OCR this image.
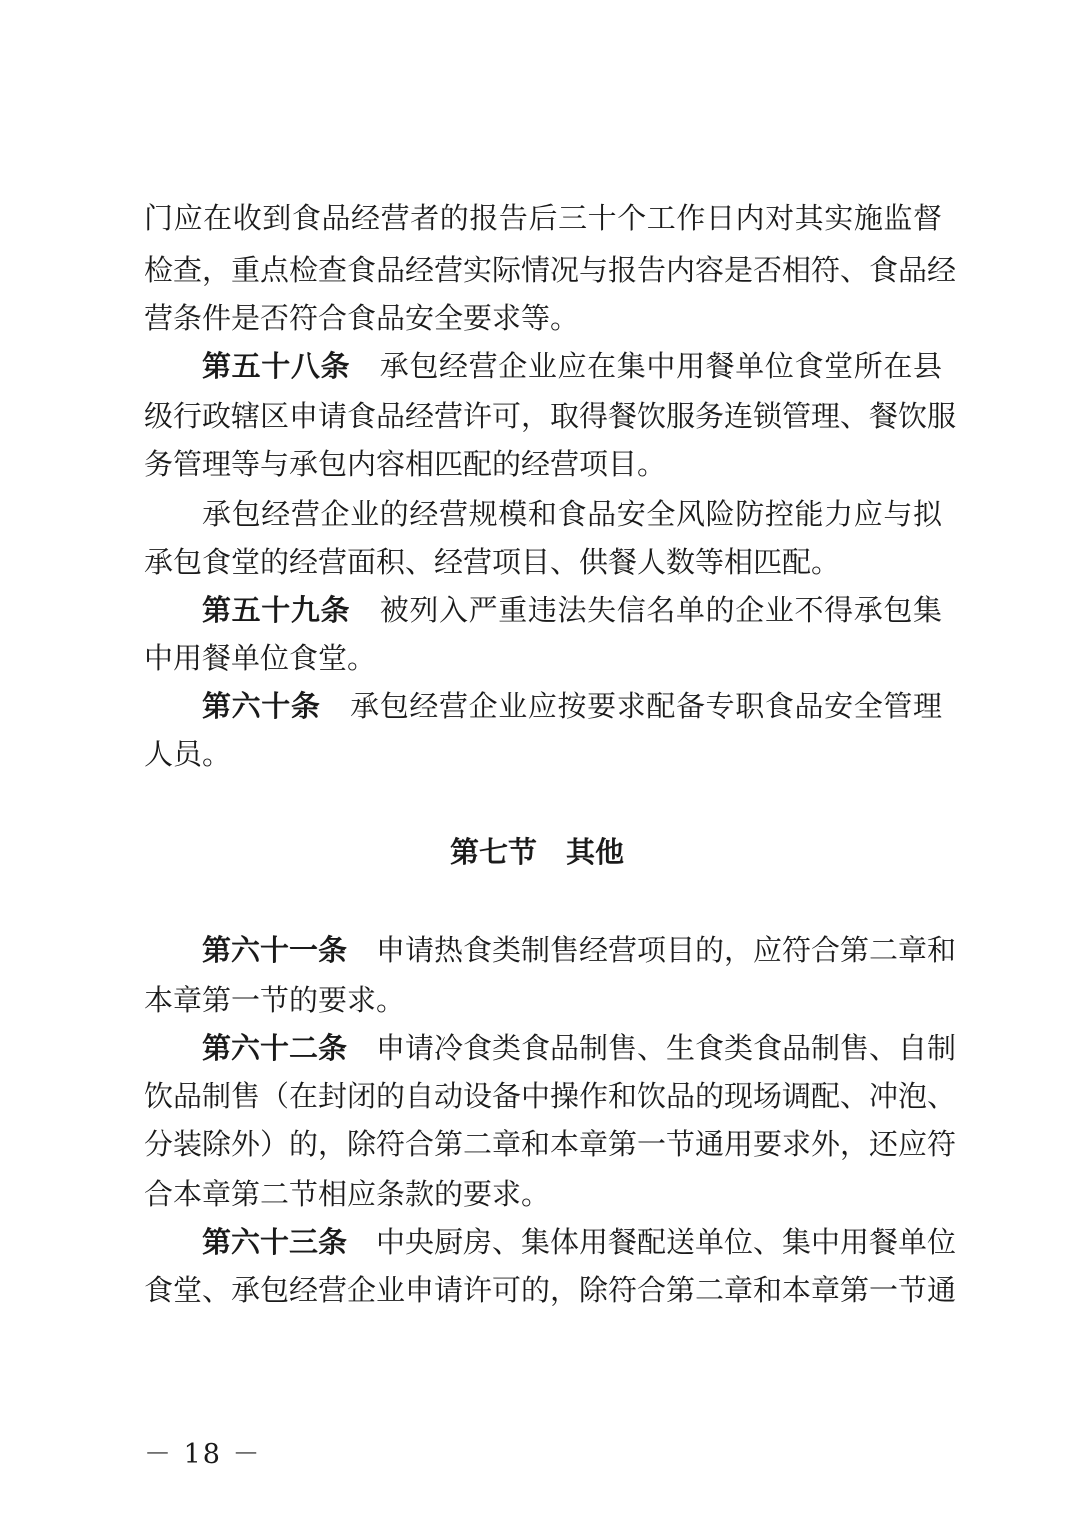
门应在收到食品经营者的报告后三十个工作日内对其实施监督
检查，重点检查食品经营实际情况与报告内容是否相符、食品经
营条件是否符合食品安全要求等。
第五十八条 承包经营企业应在集中用餐单位食堂所在县
级行政辖区申请食品经营许可，取得餐饮服务连锁管理、餐饮服
务管理等与承包内容相匹配的经营项目。
承包经营企业的经营规模和食品安全风险防控能力应与拟
承包食堂的经营面积、经营项目、供餐人数等相匹配。
第五十九条 被列入严重违法失信名单的企业不得承包集
中用餐单位食堂。
第六十条 承包经营企业应按要求配备专职食品安全管理
人员。
第七节　其他
第六十一条 申请热食类制售经营项目的，应符合第二章和
本章第一节的要求。
第六十二条 申请冷食类食品制售、生食类食品制售、自制
饮品制售（在封闭的自动设备中操作和饮品的现场调配、冲泡、
分装除外）的，除符合第二章和本章第一节通用要求外，还应符
合本章第二节相应条款的要求。
第六十三条 中央厨房、集体用餐配送单位、集中用餐单位
食堂、承包经营企业申请许可的，除符合第二章和本章第一节通
－ 18 －
